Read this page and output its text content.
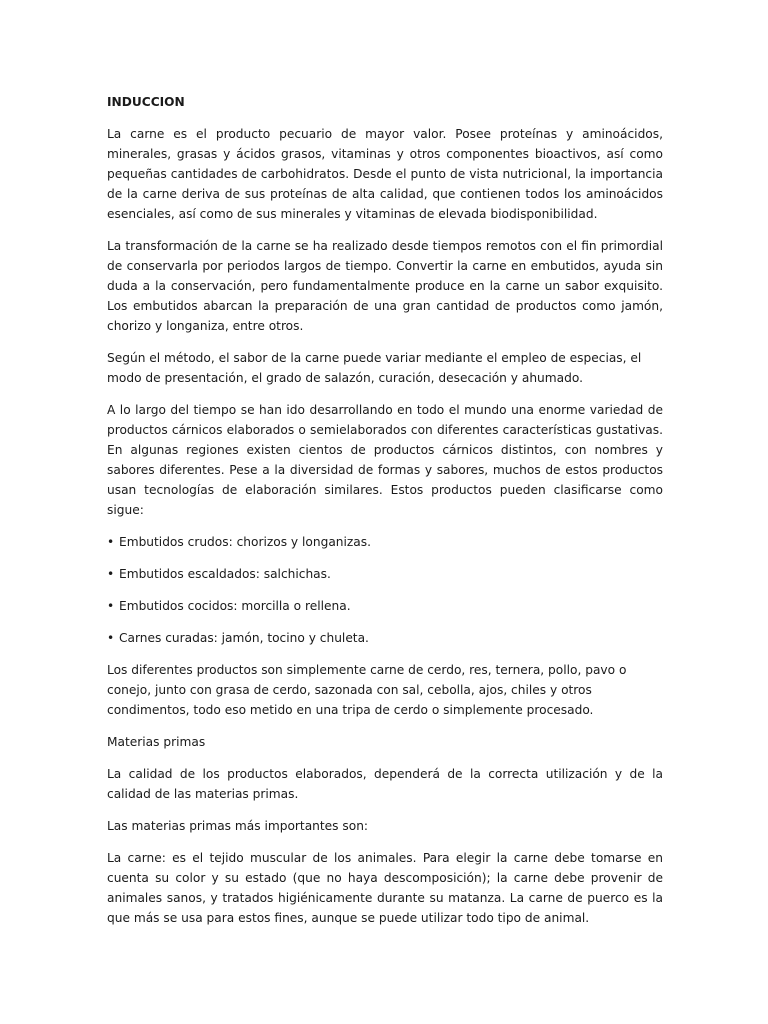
INDUCCION

La carne es el producto pecuario de mayor valor. Posee proteínas y aminoácidos, minerales, grasas y ácidos grasos, vitaminas y otros componentes bioactivos, así como pequeñas cantidades de carbohidratos. Desde el punto de vista nutricional, la importancia de la carne deriva de sus proteínas de alta calidad, que contienen todos los aminoácidos esenciales, así como de sus minerales y vitaminas de elevada biodisponibilidad.

La transformación de la carne se ha realizado desde tiempos remotos con el fin primordial de conservarla por periodos largos de tiempo. Convertir la carne en embutidos, ayuda sin duda a la conservación, pero fundamentalmente produce en la carne un sabor exquisito. Los embutidos abarcan la preparación de una gran cantidad de productos como jamón, chorizo y longaniza, entre otros.

Según el método, el sabor de la carne puede variar mediante el empleo de especias, el modo de presentación, el grado de salazón, curación, desecación y ahumado.

A lo largo del tiempo se han ido desarrollando en todo el mundo una enorme variedad de productos cárnicos elaborados o semielaborados con diferentes características gustativas. En algunas regiones existen cientos de productos cárnicos distintos, con nombres y sabores diferentes. Pese a la diversidad de formas y sabores, muchos de estos productos usan tecnologías de elaboración similares. Estos productos pueden clasificarse como sigue:

• Embutidos crudos: chorizos y longanizas.
• Embutidos escaldados: salchichas.
• Embutidos cocidos: morcilla o rellena.
• Carnes curadas: jamón, tocino y chuleta.

Los diferentes productos son simplemente carne de cerdo, res, ternera, pollo, pavo o conejo, junto con grasa de cerdo, sazonada con sal, cebolla, ajos, chiles y otros condimentos, todo eso metido en una tripa de cerdo o simplemente procesado.

Materias primas

La calidad de los productos elaborados, dependerá de la correcta utilización y de la calidad de las materias primas.

Las materias primas más importantes son:

La carne: es el tejido muscular de los animales. Para elegir la carne debe tomarse en cuenta su color y su estado (que no haya descomposición); la carne debe provenir de animales sanos, y tratados higiénicamente durante su matanza. La carne de puerco es la que más se usa para estos fines, aunque se puede utilizar todo tipo de animal.
